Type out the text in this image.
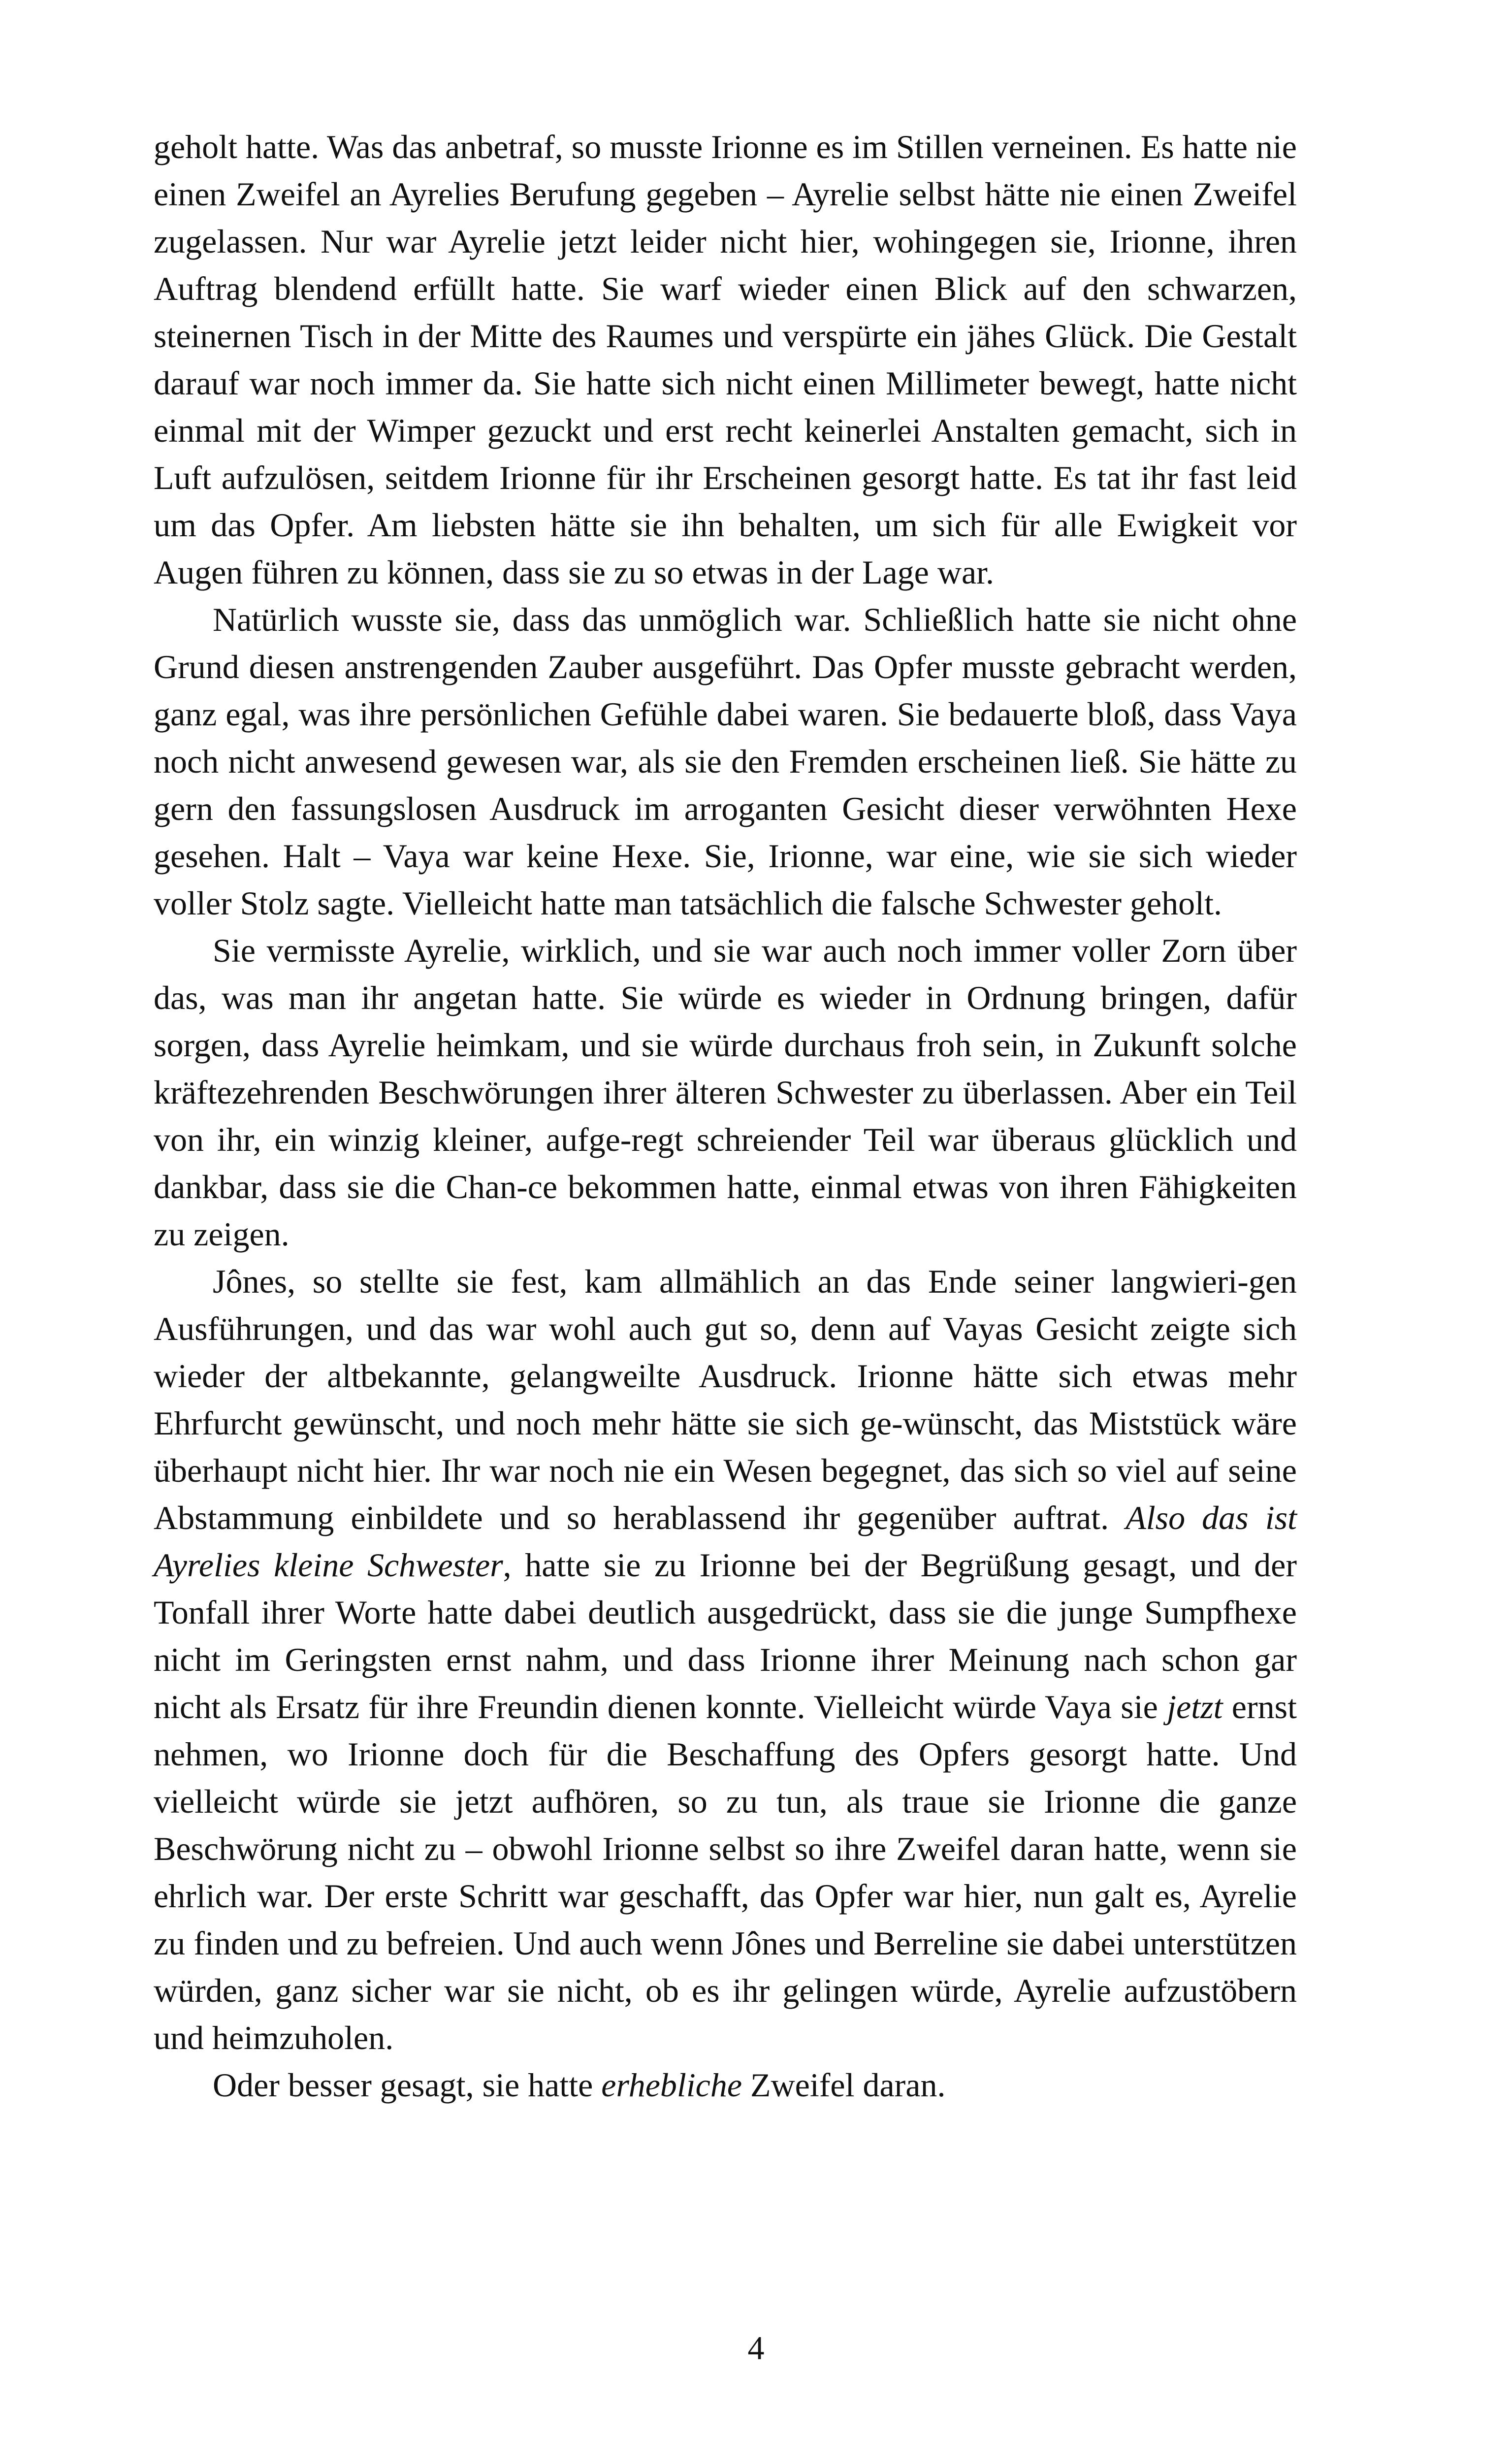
geholt hatte. Was das anbetraf, so musste Irionne es im Stillen verneinen. Es hatte nie einen Zweifel an Ayrelies Berufung gegeben – Ayrelie selbst hätte nie einen Zweifel zugelassen. Nur war Ayrelie jetzt leider nicht hier, wohingegen sie, Irionne, ihren Auftrag blendend erfüllt hatte. Sie warf wieder einen Blick auf den schwarzen, steinernen Tisch in der Mitte des Raumes und verspürte ein jähes Glück. Die Gestalt darauf war noch immer da. Sie hatte sich nicht einen Millimeter bewegt, hatte nicht einmal mit der Wimper gezuckt und erst recht keinerlei Anstalten gemacht, sich in Luft aufzulösen, seitdem Irionne für ihr Erscheinen gesorgt hatte. Es tat ihr fast leid um das Opfer. Am liebsten hätte sie ihn behalten, um sich für alle Ewigkeit vor Augen führen zu können, dass sie zu so etwas in der Lage war.

Natürlich wusste sie, dass das unmöglich war. Schließlich hatte sie nicht ohne Grund diesen anstrengenden Zauber ausgeführt. Das Opfer musste gebracht werden, ganz egal, was ihre persönlichen Gefühle dabei waren. Sie bedauerte bloß, dass Vaya noch nicht anwesend gewesen war, als sie den Fremden erscheinen ließ. Sie hätte zu gern den fassungslosen Ausdruck im arroganten Gesicht dieser verwöhnten Hexe gesehen. Halt – Vaya war keine Hexe. Sie, Irionne, war eine, wie sie sich wieder voller Stolz sagte. Vielleicht hatte man tatsächlich die falsche Schwester geholt.

Sie vermisste Ayrelie, wirklich, und sie war auch noch immer voller Zorn über das, was man ihr angetan hatte. Sie würde es wieder in Ordnung bringen, dafür sorgen, dass Ayrelie heimkam, und sie würde durchaus froh sein, in Zukunft solche kräftezehrenden Beschwörungen ihrer älteren Schwester zu überlassen. Aber ein Teil von ihr, ein winzig kleiner, aufge-regt schreiender Teil war überaus glücklich und dankbar, dass sie die Chan-ce bekommen hatte, einmal etwas von ihren Fähigkeiten zu zeigen.

Jônes, so stellte sie fest, kam allmählich an das Ende seiner langwieri-gen Ausführungen, und das war wohl auch gut so, denn auf Vayas Gesicht zeigte sich wieder der altbekannte, gelangweilte Ausdruck. Irionne hätte sich etwas mehr Ehrfurcht gewünscht, und noch mehr hätte sie sich ge-wünscht, das Miststück wäre überhaupt nicht hier. Ihr war noch nie ein Wesen begegnet, das sich so viel auf seine Abstammung einbildete und so herablassend ihr gegenüber auftrat. Also das ist Ayrelies kleine Schwester, hatte sie zu Irionne bei der Begrüßung gesagt, und der Tonfall ihrer Worte hatte dabei deutlich ausgedrückt, dass sie die junge Sumpfhexe nicht im Geringsten ernst nahm, und dass Irionne ihrer Meinung nach schon gar nicht als Ersatz für ihre Freundin dienen konnte. Vielleicht würde Vaya sie jetzt ernst nehmen, wo Irionne doch für die Beschaffung des Opfers gesorgt hatte. Und vielleicht würde sie jetzt aufhören, so zu tun, als traue sie Irionne die ganze Beschwörung nicht zu – obwohl Irionne selbst so ihre Zweifel daran hatte, wenn sie ehrlich war. Der erste Schritt war geschafft, das Opfer war hier, nun galt es, Ayrelie zu finden und zu befreien. Und auch wenn Jônes und Berreline sie dabei unterstützen würden, ganz sicher war sie nicht, ob es ihr gelingen würde, Ayrelie aufzustöbern und heimzuholen.

Oder besser gesagt, sie hatte erhebliche Zweifel daran.

4
